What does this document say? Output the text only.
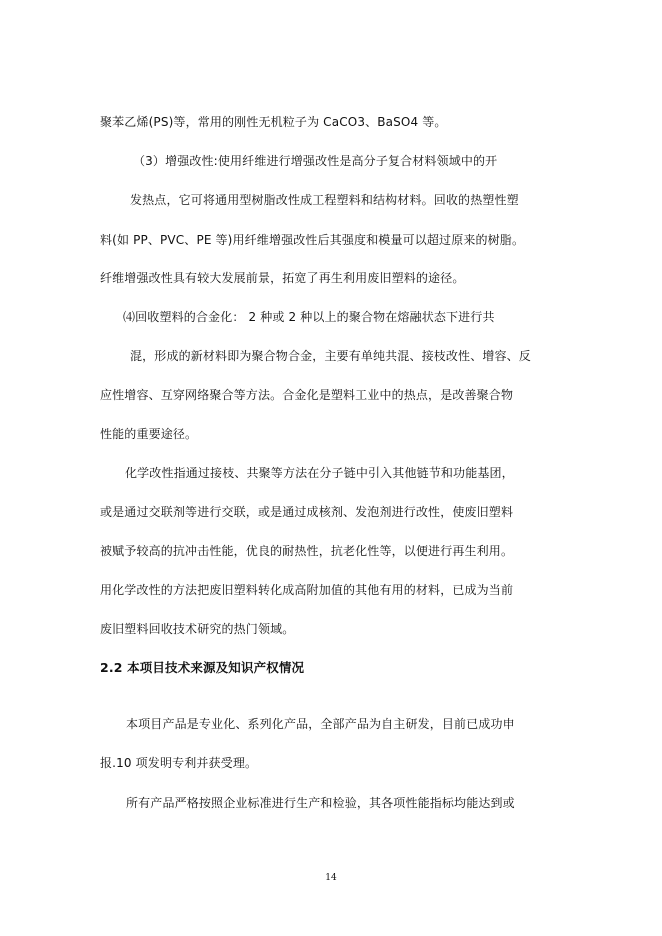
聚苯乙烯(PS)等，常用的刚性无机粒子为 CaCO3、BaSO4 等。
（3）增强改性:使用纤维进行增强改性是高分子复合材料领域中的开
发热点，它可将通用型树脂改性成工程塑料和结构材料。回收的热塑性塑
料(如 PP、PVC、PE 等)用纤维增强改性后其强度和模量可以超过原来的树脂。
纤维增强改性具有较大发展前景，拓宽了再生利用废旧塑料的途径。
⑷回收塑料的合金化： 2 种或 2 种以上的聚合物在熔融状态下进行共
混，形成的新材料即为聚合物合金，主要有单纯共混、接枝改性、增容、反
应性增容、互穿网络聚合等方法。合金化是塑料工业中的热点，是改善聚合物
性能的重要途径。
化学改性指通过接枝、共聚等方法在分子链中引入其他链节和功能基团，
或是通过交联剂等进行交联，或是通过成核剂、发泡剂进行改性，使废旧塑料
被赋予较高的抗冲击性能，优良的耐热性，抗老化性等，以便进行再生利用。
用化学改性的方法把废旧塑料转化成高附加值的其他有用的材料，已成为当前
废旧塑料回收技术研究的热门领域。
2.2 本项目技术来源及知识产权情况
本项目产品是专业化、系列化产品，全部产品为自主研发，目前已成功申
报.10 项发明专利并获受理。
所有产品严格按照企业标准进行生产和检验，其各项性能指标均能达到或
14
